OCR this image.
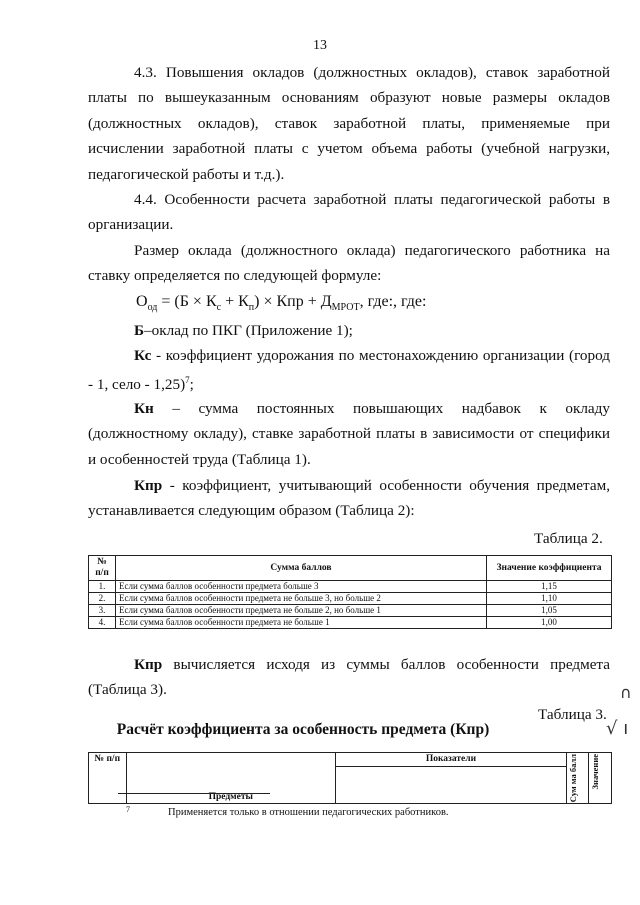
13
4.3. Повышения окладов (должностных окладов), ставок заработной платы по вышеуказанным основаниям образуют новые размеры окладов (должностных окладов), ставок заработной платы, применяемые при исчислении заработной платы с учетом объема работы (учебной нагрузки, педагогической работы и т.д.).
4.4. Особенности расчета заработной платы педагогической работы в организации.
Размер оклада (должностного оклада) педагогического работника на ставку определяется по следующей формуле:
$О_{од} = (Б \times К_с + К_п)$ × Кпр + $Д_{МРОТ}$, где:, где:
Б–оклад по ПКГ (Приложение 1);
Кс - коэффициент удорожания по местонахождению организации (город - 1, село - 1,25)$^7$;
Кн – сумма постоянных повышающих надбавок к окладу (должностному окладу), ставке заработной платы в зависимости от специфики и особенностей труда (Таблица 1).
Кпр - коэффициент, учитывающий особенности обучения предметам, устанавливается следующим образом (Таблица 2):
Таблица 2.
№ п/п	Сумма баллов	Значение коэффициента
1.	Если сумма баллов особенности предмета больше 3	1,15
2.	Если сумма баллов особенности предмета не больше 3, но больше 2	1,10
3.	Если сумма баллов особенности предмета не больше 2, но больше 1	1,05
4.	Если сумма баллов особенности предмета не больше 1	1,00
Кпр вычисляется исходя из суммы баллов особенности предмета (Таблица 3).	∩
Таблица 3.
√ ı
Расчёт коэффициента за особенность предмета (Кпр)
№ п/п	Предметы	Показатели	Сум ма балл	Значение
7	Применяется только в отношении педагогических работников.
